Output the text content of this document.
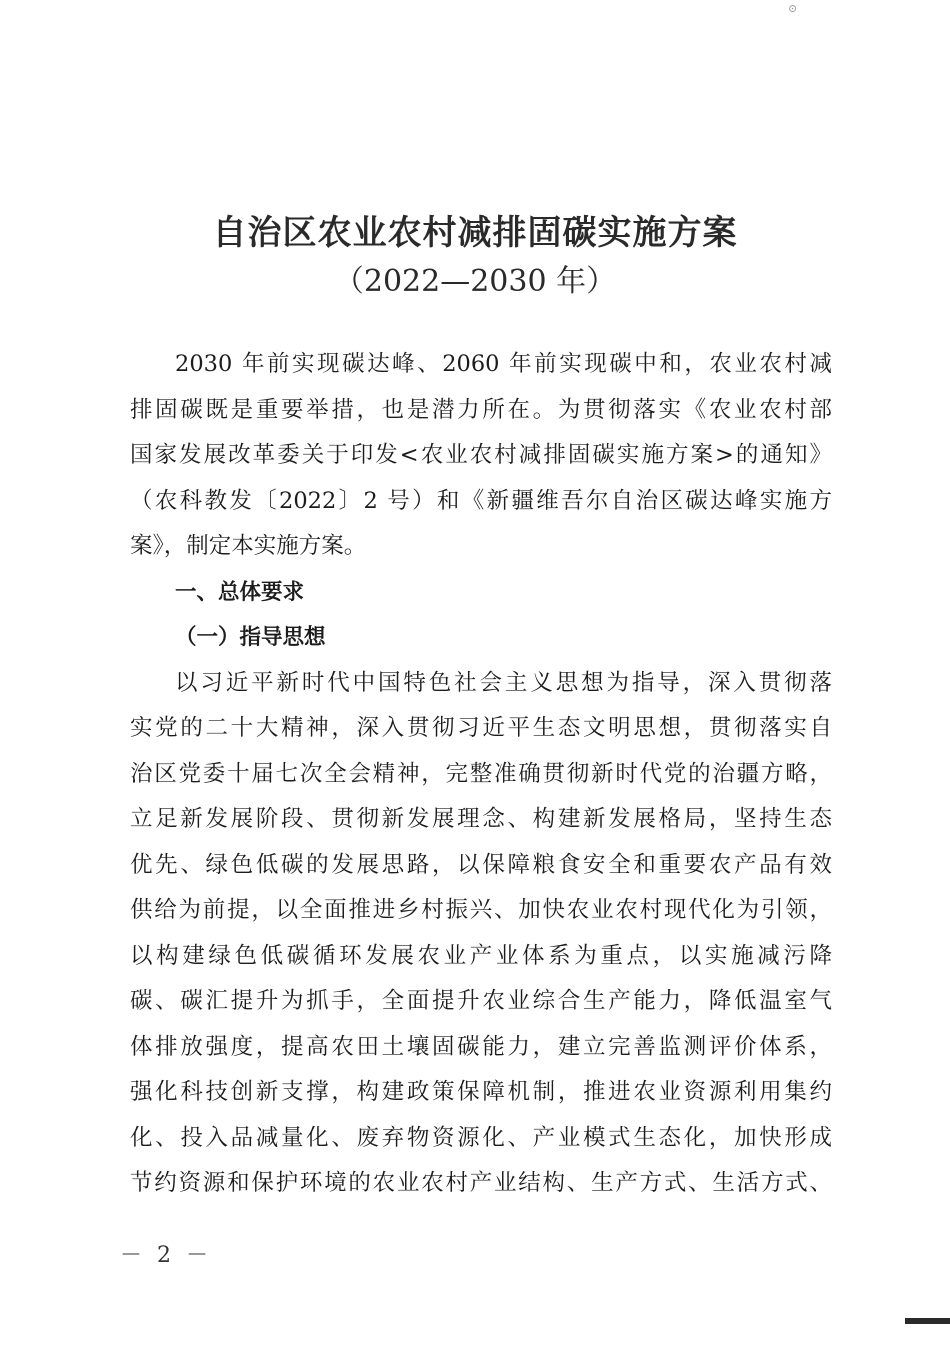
⊙
自治区农业农村减排固碳实施方案
（2022—2030 年）

2030 年前实现碳达峰、2060 年前实现碳中和，农业农村减
排固碳既是重要举措，也是潜力所在。为贯彻落实《农业农村部
国家发展改革委关于印发<农业农村减排固碳实施方案>的通知》
（农科教发〔2022〕2 号）和《新疆维吾尔自治区碳达峰实施方
案》，制定本实施方案。

一、总体要求

（一）指导思想

以习近平新时代中国特色社会主义思想为指导，深入贯彻落
实党的二十大精神，深入贯彻习近平生态文明思想，贯彻落实自
治区党委十届七次全会精神，完整准确贯彻新时代党的治疆方略，
立足新发展阶段、贯彻新发展理念、构建新发展格局，坚持生态
优先、绿色低碳的发展思路，以保障粮食安全和重要农产品有效
供给为前提，以全面推进乡村振兴、加快农业农村现代化为引领，
以构建绿色低碳循环发展农业产业体系为重点，以实施减污降
碳、碳汇提升为抓手，全面提升农业综合生产能力，降低温室气
体排放强度，提高农田土壤固碳能力，建立完善监测评价体系，
强化科技创新支撑，构建政策保障机制，推进农业资源利用集约
化、投入品减量化、废弃物资源化、产业模式生态化，加快形成
节约资源和保护环境的农业农村产业结构、生产方式、生活方式、

－ 2 －
